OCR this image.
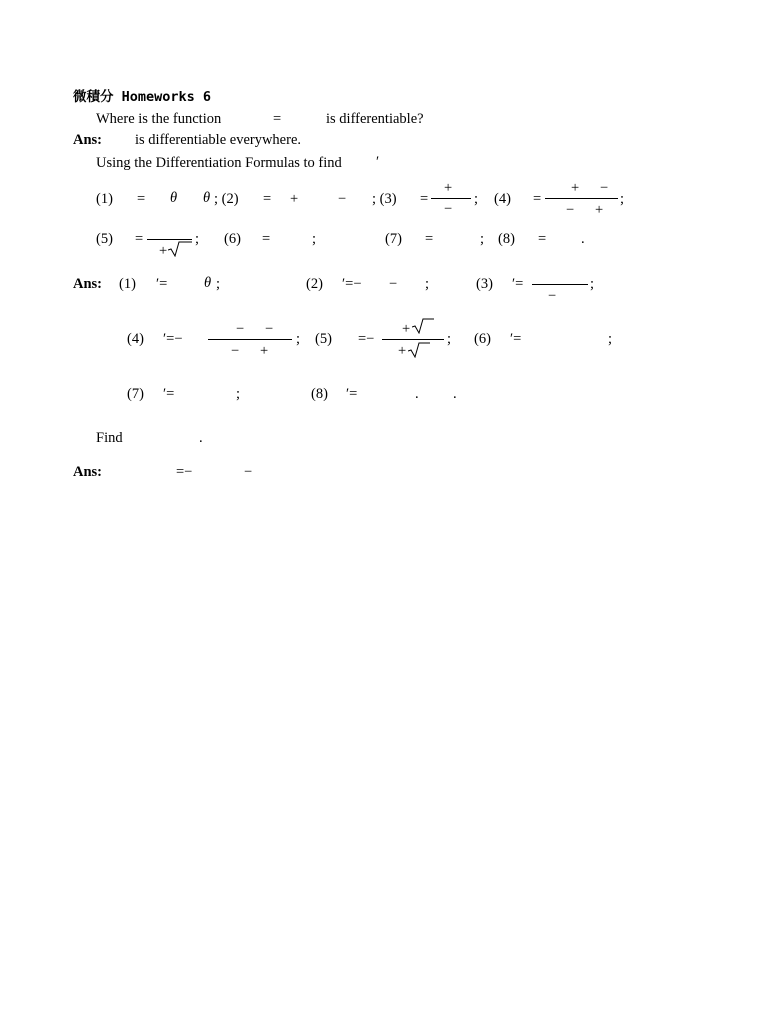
微積分 Homeworks 6
Where is the function	=	is differentiable?
Ans: is differentiable everywhere.
Using the Differentiation Formulas to find ′
(1) = θ θ ; (2) = +	− ; (3) =
+
−
; (4) =
+ −
− +
;
(5) =
+
; (6) =	;	(7) =	; (8) = .
Ans: (1) ′=	θ ;	(2) ′=− − ;	(3) ′=
−
;
(4) ′=−
− −
− +
; (5) =−
+
+
; (6) ′=	;
(7) ′=	;	(8) ′=	. .
Find	.
Ans:	=−	−
